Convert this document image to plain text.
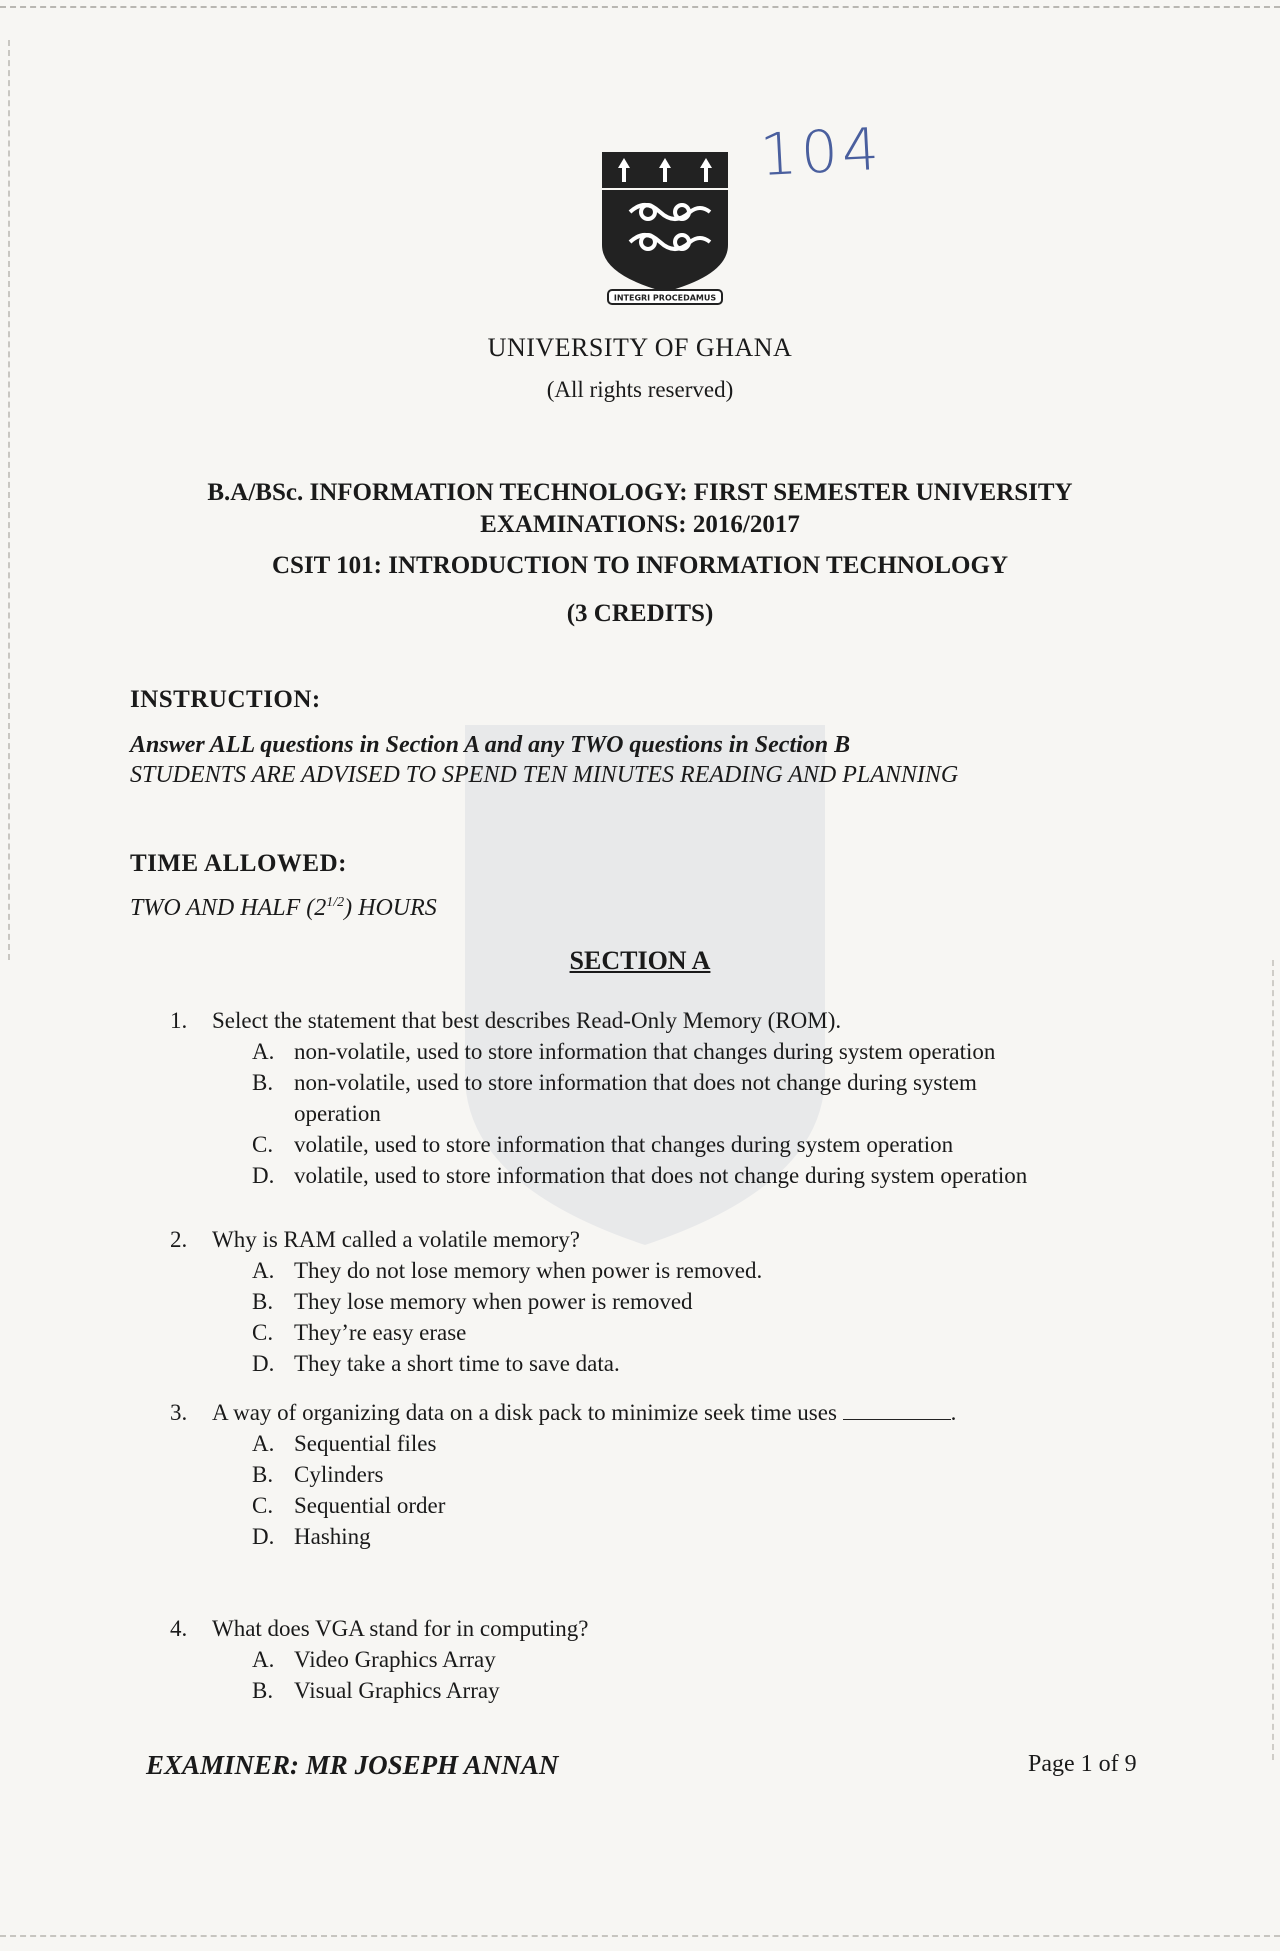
104
INTEGRI PROCEDAMUS
UNIVERSITY OF GHANA
(All rights reserved)
B.A/BSc. INFORMATION TECHNOLOGY: FIRST SEMESTER UNIVERSITY
EXAMINATIONS: 2016/2017
CSIT 101: INTRODUCTION TO INFORMATION TECHNOLOGY
(3 CREDITS)
INSTRUCTION:
Answer ALL questions in Section A and any TWO questions in Section B
STUDENTS ARE ADVISED TO SPEND TEN MINUTES READING AND PLANNING
TIME ALLOWED:
TWO AND HALF $(2^{1/2})$ HOURS
SECTION A
1.	Select the statement that best describes Read-Only Memory (ROM).
A. non-volatile, used to store information that changes during system operation
B. non-volatile, used to store information that does not change during system
operation
C. volatile, used to store information that changes during system operation
D. volatile, used to store information that does not change during system operation
2.	Why is RAM called a volatile memory?
A. They do not lose memory when power is removed.
B. They lose memory when power is removed
C. They’re easy erase
D. They take a short time to save data.
3.	A way of organizing data on a disk pack to minimize seek time uses	.
A. Sequential files
B. Cylinders
C. Sequential order
D. Hashing
4.	What does VGA stand for in computing?
A. Video Graphics Array
B. Visual Graphics Array
EXAMINER: MR JOSEPH ANNAN	Page 1 of 9
